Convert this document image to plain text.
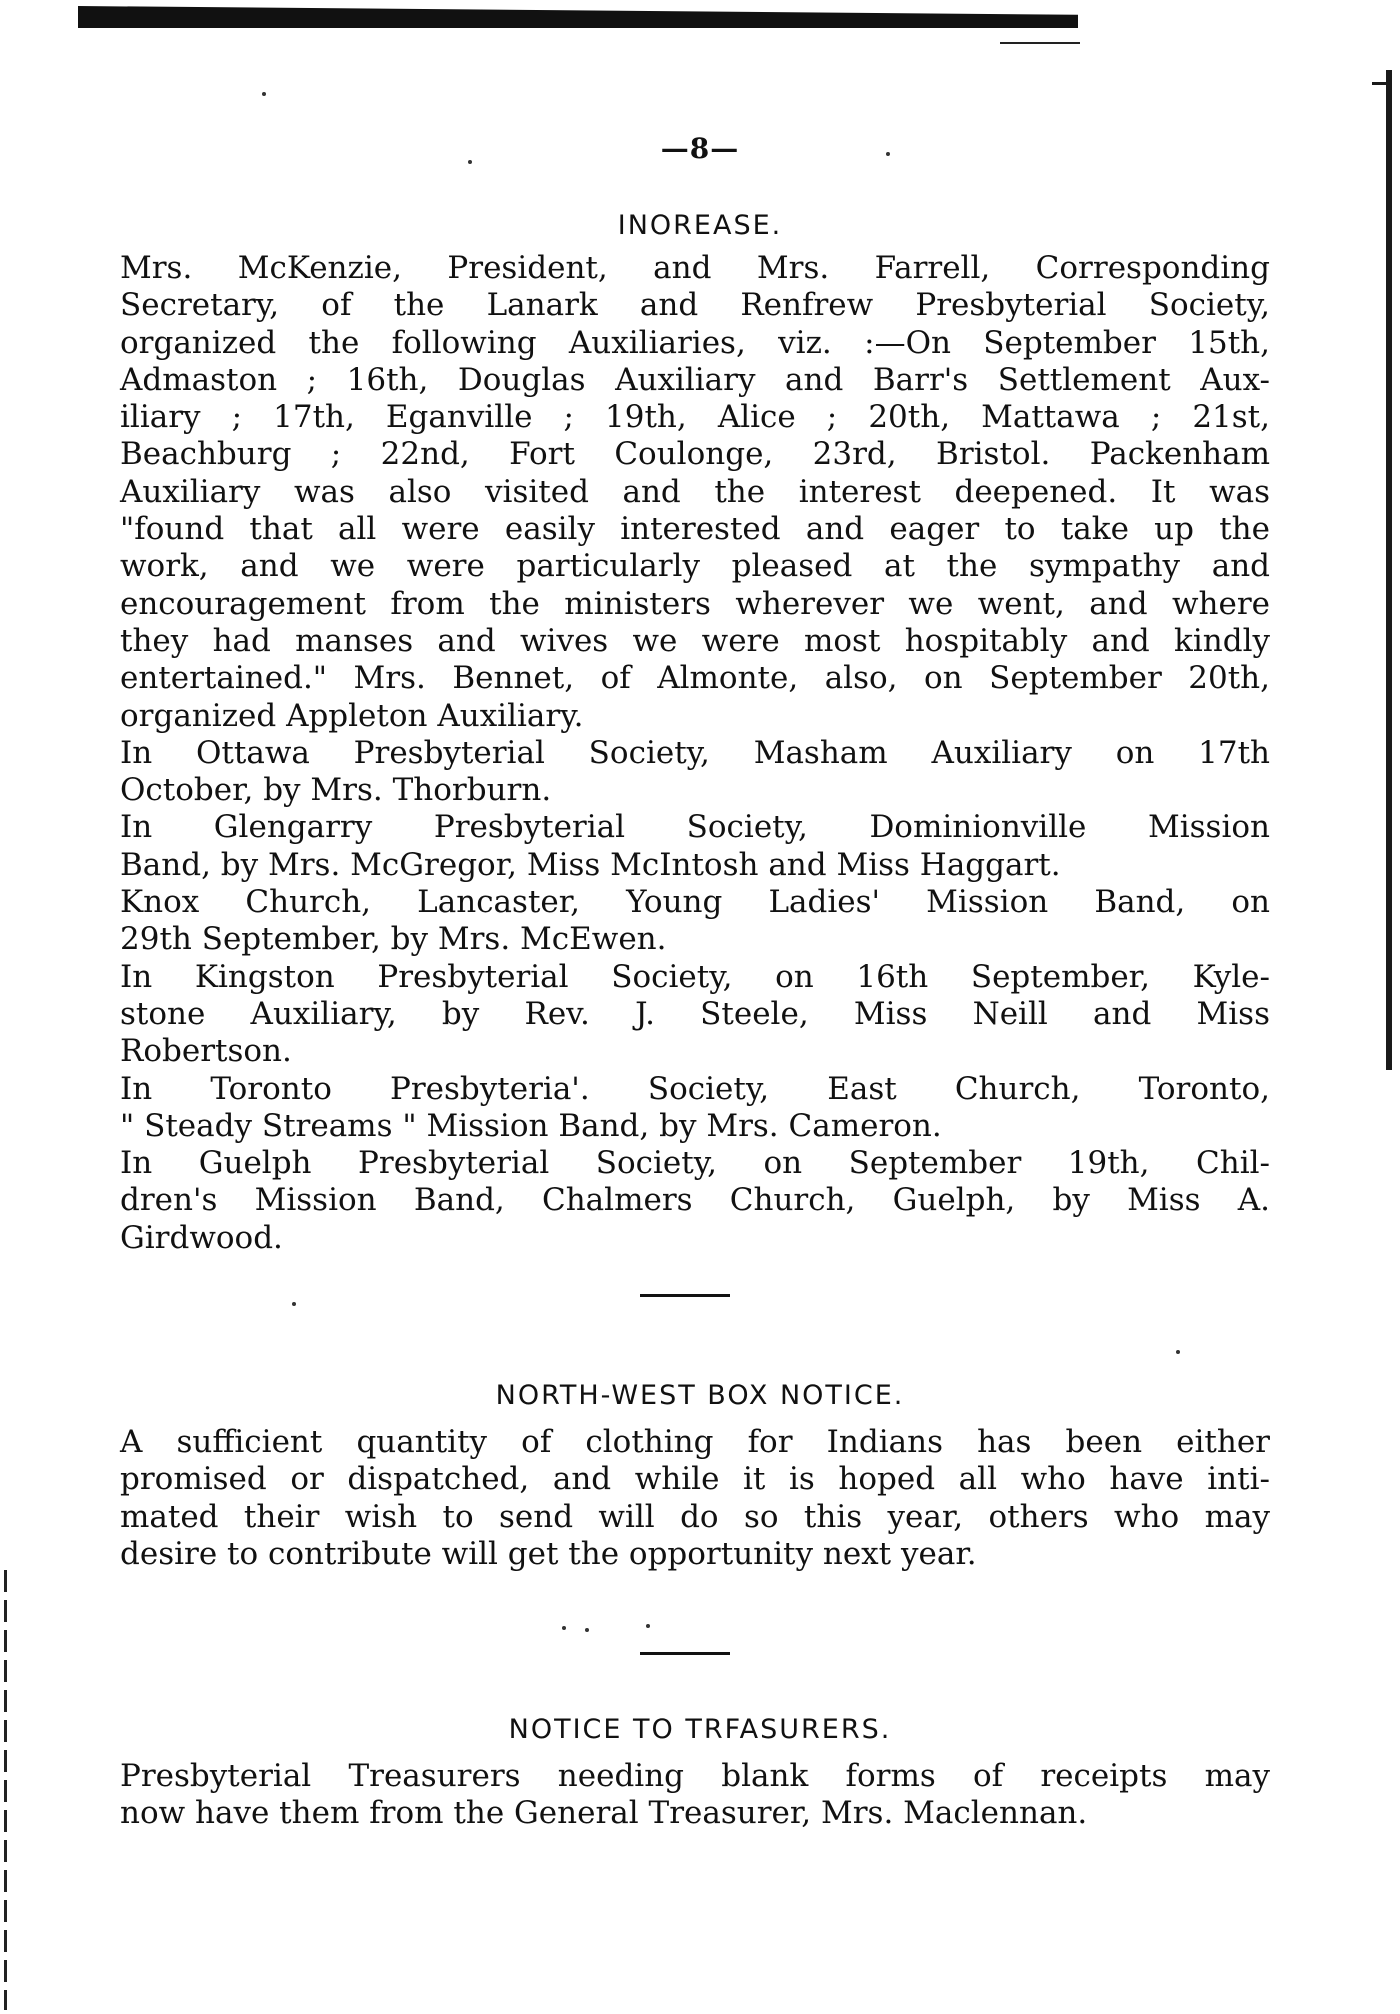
—8—
INOREASE.
Mrs. McKenzie, President, and Mrs. Farrell, Corresponding
Secretary, of the Lanark and Renfrew Presbyterial Society,
organized the following Auxiliaries, viz. :—On September 15th,
Admaston ; 16th, Douglas Auxiliary and Barr's Settlement Aux-
iliary ; 17th, Eganville ; 19th, Alice ; 20th, Mattawa ; 21st,
Beachburg ; 22nd, Fort Coulonge, 23rd, Bristol. Packenham
Auxiliary was also visited and the interest deepened. It was
"found that all were easily interested and eager to take up the
work, and we were particularly pleased at the sympathy and
encouragement from the ministers wherever we went, and where
they had manses and wives we were most hospitably and kindly
entertained." Mrs. Bennet, of Almonte, also, on September 20th,
organized Appleton Auxiliary.
In Ottawa Presbyterial Society, Masham Auxiliary on 17th
October, by Mrs. Thorburn.
In Glengarry Presbyterial Society, Dominionville Mission
Band, by Mrs. McGregor, Miss McIntosh and Miss Haggart.
Knox Church, Lancaster, Young Ladies' Mission Band, on
29th September, by Mrs. McEwen.
In Kingston Presbyterial Society, on 16th September, Kyle-
stone Auxiliary, by Rev. J. Steele, Miss Neill and Miss
Robertson.
In Toronto Presbyteria'. Society, East Church, Toronto,
" Steady Streams " Mission Band, by Mrs. Cameron.
In Guelph Presbyterial Society, on September 19th, Chil-
dren's Mission Band, Chalmers Church, Guelph, by Miss A.
Girdwood.
NORTH-WEST BOX NOTICE.
A sufficient quantity of clothing for Indians has been either
promised or dispatched, and while it is hoped all who have inti-
mated their wish to send will do so this year, others who may
desire to contribute will get the opportunity next year.
NOTICE TO TRFASURERS.
Presbyterial Treasurers needing blank forms of receipts may
now have them from the General Treasurer, Mrs. Maclennan.
